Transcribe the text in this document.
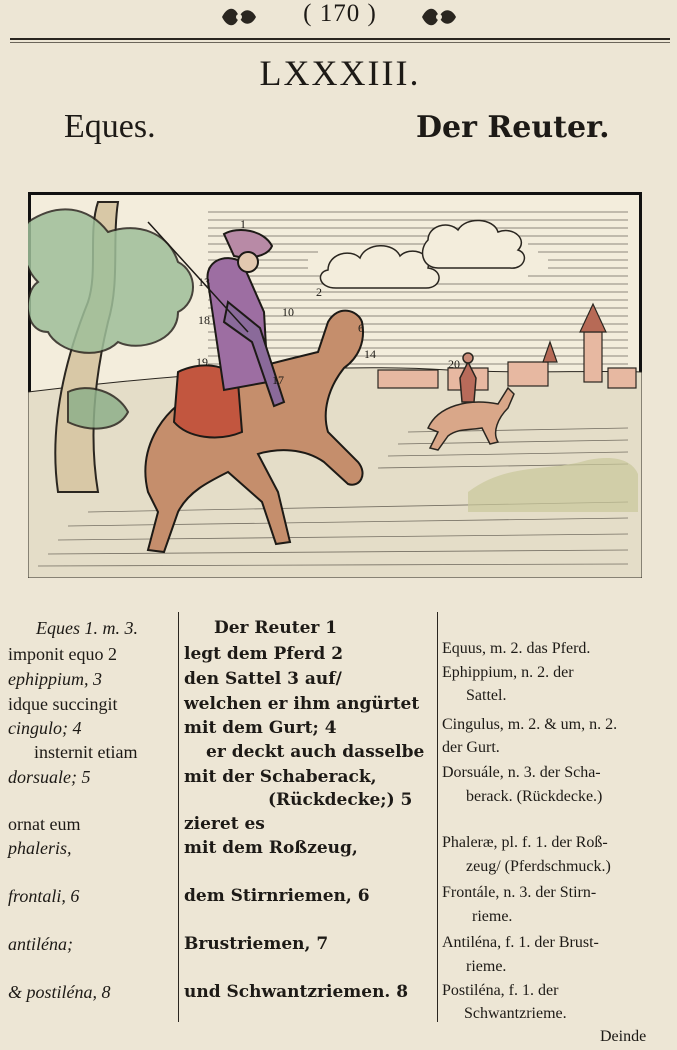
( 170 )
LXXXIII.
Eques.	Der Reuter.
1
2
13
18
10
6
14
19
17
20
Eques 1. m. 3.
imponit equo 2
ephippium, 3
idque succingit
cingulo; 4
insternit etiam
dorsuale; 5
ornat eum
phaleris,
frontali, 6
antiléna;
& postiléna, 8
Der Reuter 1
legt dem Pferd 2
den Sattel 3 auf/
welchen er ihm angürtet
mit dem Gurt; 4
er deckt auch dasselbe
mit der Schaberack,
(Rückdecke;) 5
zieret es
mit dem Roßzeug,
dem Stirnriemen, 6
Brustriemen, 7
und Schwantzriemen. 8
Equus, m. 2. das Pferd.
Ephippium, n. 2. der
Sattel.
Cingulus, m. 2. & um, n. 2.
der Gurt.
Dorsuále, n. 3. der Scha-
berack. (Rückdecke.)
Phaleræ, pl. f. 1. der Roß-
zeug/ (Pferdschmuck.)
Frontále, n. 3. der Stirn-
rieme.
Antiléna, f. 1. der Brust-
rieme.
Postiléna, f. 1. der
Schwantzrieme.
Deinde
